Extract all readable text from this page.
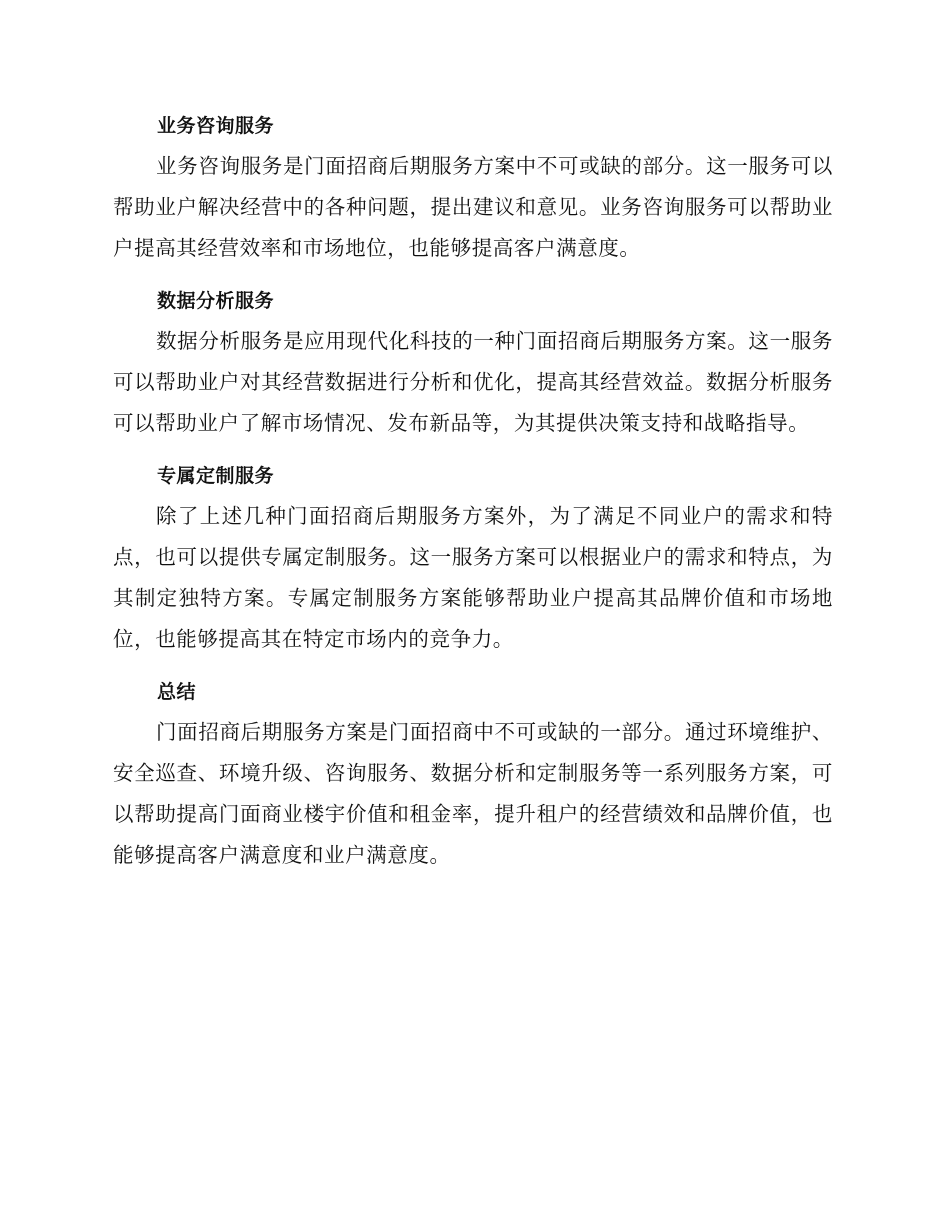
业务咨询服务

业务咨询服务是门面招商后期服务方案中不可或缺的部分。这一服务可以帮助业户解决经营中的各种问题，提出建议和意见。业务咨询服务可以帮助业户提高其经营效率和市场地位，也能够提高客户满意度。

数据分析服务

数据分析服务是应用现代化科技的一种门面招商后期服务方案。这一服务可以帮助业户对其经营数据进行分析和优化，提高其经营效益。数据分析服务可以帮助业户了解市场情况、发布新品等，为其提供决策支持和战略指导。

专属定制服务

除了上述几种门面招商后期服务方案外，为了满足不同业户的需求和特点，也可以提供专属定制服务。这一服务方案可以根据业户的需求和特点，为其制定独特方案。专属定制服务方案能够帮助业户提高其品牌价值和市场地位，也能够提高其在特定市场内的竞争力。

总结

门面招商后期服务方案是门面招商中不可或缺的一部分。通过环境维护、安全巡查、环境升级、咨询服务、数据分析和定制服务等一系列服务方案，可以帮助提高门面商业楼宇价值和租金率，提升租户的经营绩效和品牌价值，也能够提高客户满意度和业户满意度。
